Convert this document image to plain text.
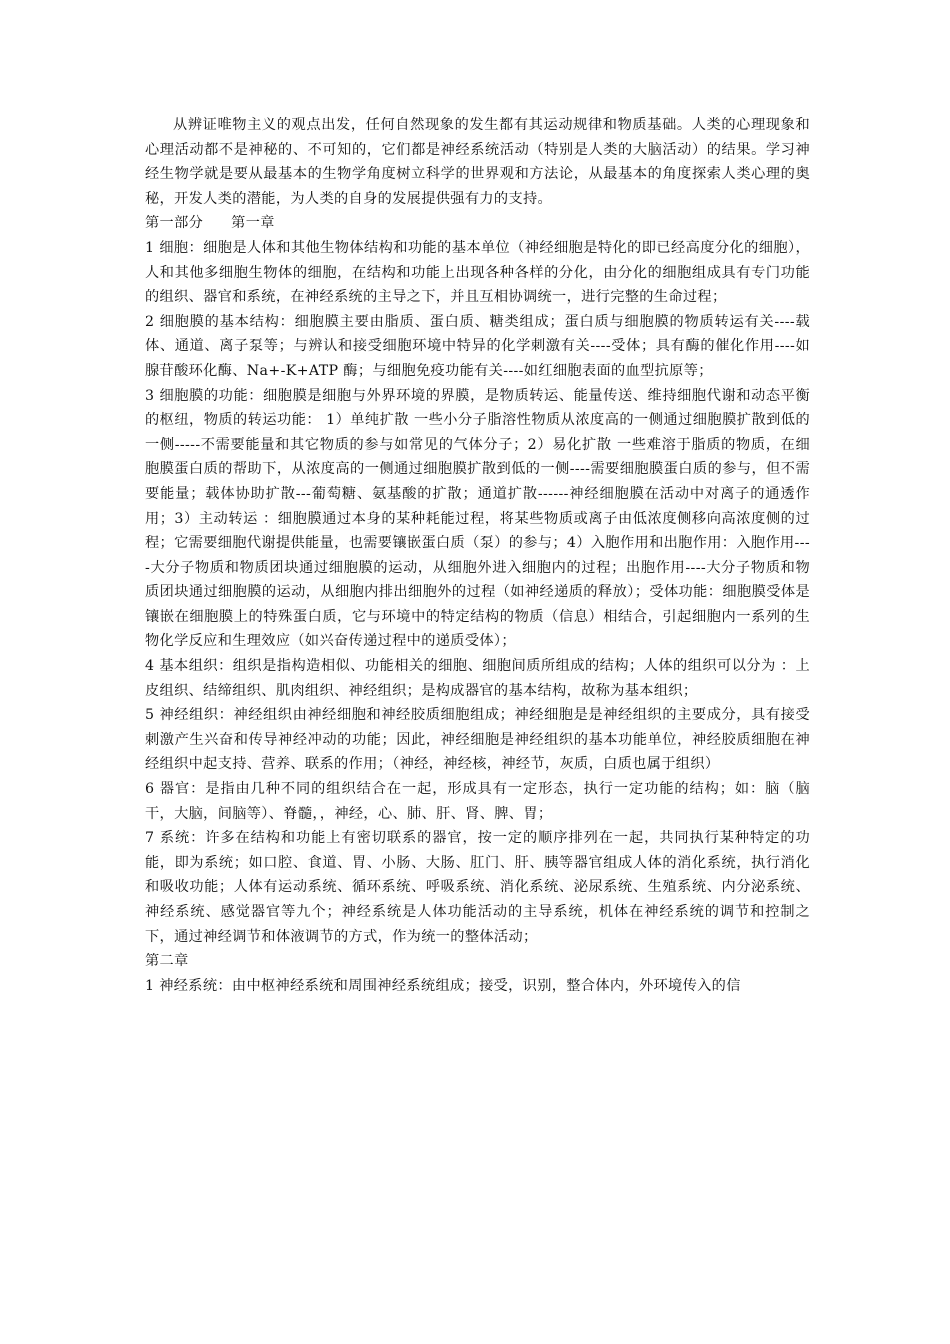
从辨证唯物主义的观点出发，任何自然现象的发生都有其运动规律和物质基础。人类的心理现象和心理活动都不是神秘的、不可知的，它们都是神经系统活动（特别是人类的大脑活动）的结果。学习神经生物学就是要从最基本的生物学角度树立科学的世界观和方法论，从最基本的角度探索人类心理的奥秘，开发人类的潜能，为人类的自身的发展提供强有力的支持。

第一部分 第一章

1 细胞：细胞是人体和其他生物体结构和功能的基本单位（神经细胞是特化的即已经高度分化的细胞），人和其他多细胞生物体的细胞，在结构和功能上出现各种各样的分化，由分化的细胞组成具有专门功能的组织、器官和系统，在神经系统的主导之下，并且互相协调统一，进行完整的生命过程；

2 细胞膜的基本结构：细胞膜主要由脂质、蛋白质、糖类组成；蛋白质与细胞膜的物质转运有关----载体、通道、离子泵等；与辨认和接受细胞环境中特异的化学刺激有关----受体；具有酶的催化作用----如腺苷酸环化酶、Na+-K+ATP 酶；与细胞免疫功能有关----如红细胞表面的血型抗原等；

3 细胞膜的功能：细胞膜是细胞与外界环境的界膜，是物质转运、能量传送、维持细胞代谢和动态平衡的枢纽，物质的转运功能： 1）单纯扩散 一些小分子脂溶性物质从浓度高的一侧通过细胞膜扩散到低的一侧-----不需要能量和其它物质的参与如常见的气体分子；2）易化扩散 一些难溶于脂质的物质，在细胞膜蛋白质的帮助下，从浓度高的一侧通过细胞膜扩散到低的一侧----需要细胞膜蛋白质的参与，但不需要能量；载体协助扩散---葡萄糖、氨基酸的扩散；通道扩散------神经细胞膜在活动中对离子的通透作用；3）主动转运 ：细胞膜通过本身的某种耗能过程，将某些物质或离子由低浓度侧移向高浓度侧的过程；它需要细胞代谢提供能量，也需要镶嵌蛋白质（泵）的参与；4）入胞作用和出胞作用：入胞作用----大分子物质和物质团块通过细胞膜的运动，从细胞外进入细胞内的过程；出胞作用----大分子物质和物质团块通过细胞膜的运动，从细胞内排出细胞外的过程（如神经递质的释放）；受体功能：细胞膜受体是镶嵌在细胞膜上的特殊蛋白质，它与环境中的特定结构的物质（信息）相结合，引起细胞内一系列的生物化学反应和生理效应（如兴奋传递过程中的递质受体）；

4 基本组织：组织是指构造相似、功能相关的细胞、细胞间质所组成的结构；人体的组织可以分为 ：上皮组织、结缔组织、肌肉组织、神经组织；是构成器官的基本结构，故称为基本组织；

5 神经组织：神经组织由神经细胞和神经胶质细胞组成；神经细胞是是神经组织的主要成分，具有接受刺激产生兴奋和传导神经冲动的功能；因此，神经细胞是神经组织的基本功能单位，神经胶质细胞在神经组织中起支持、营养、联系的作用；（神经，神经核，神经节，灰质，白质也属于组织）

6 器官：是指由几种不同的组织结合在一起，形成具有一定形态，执行一定功能的结构；如：脑（脑干，大脑，间脑等）、脊髓，，神经，心、肺、肝、肾、脾、胃；

7 系统：许多在结构和功能上有密切联系的器官，按一定的顺序排列在一起，共同执行某种特定的功能，即为系统；如口腔、食道、胃、小肠、大肠、肛门、肝、胰等器官组成人体的消化系统，执行消化和吸收功能；人体有运动系统、循环系统、呼吸系统、消化系统、泌尿系统、生殖系统、内分泌系统、神经系统、感觉器官等九个；神经系统是人体功能活动的主导系统，机体在神经系统的调节和控制之下，通过神经调节和体液调节的方式，作为统一的整体活动；

第二章

1 神经系统：由中枢神经系统和周围神经系统组成；接受，识别，整合体内，外环境传入的信
